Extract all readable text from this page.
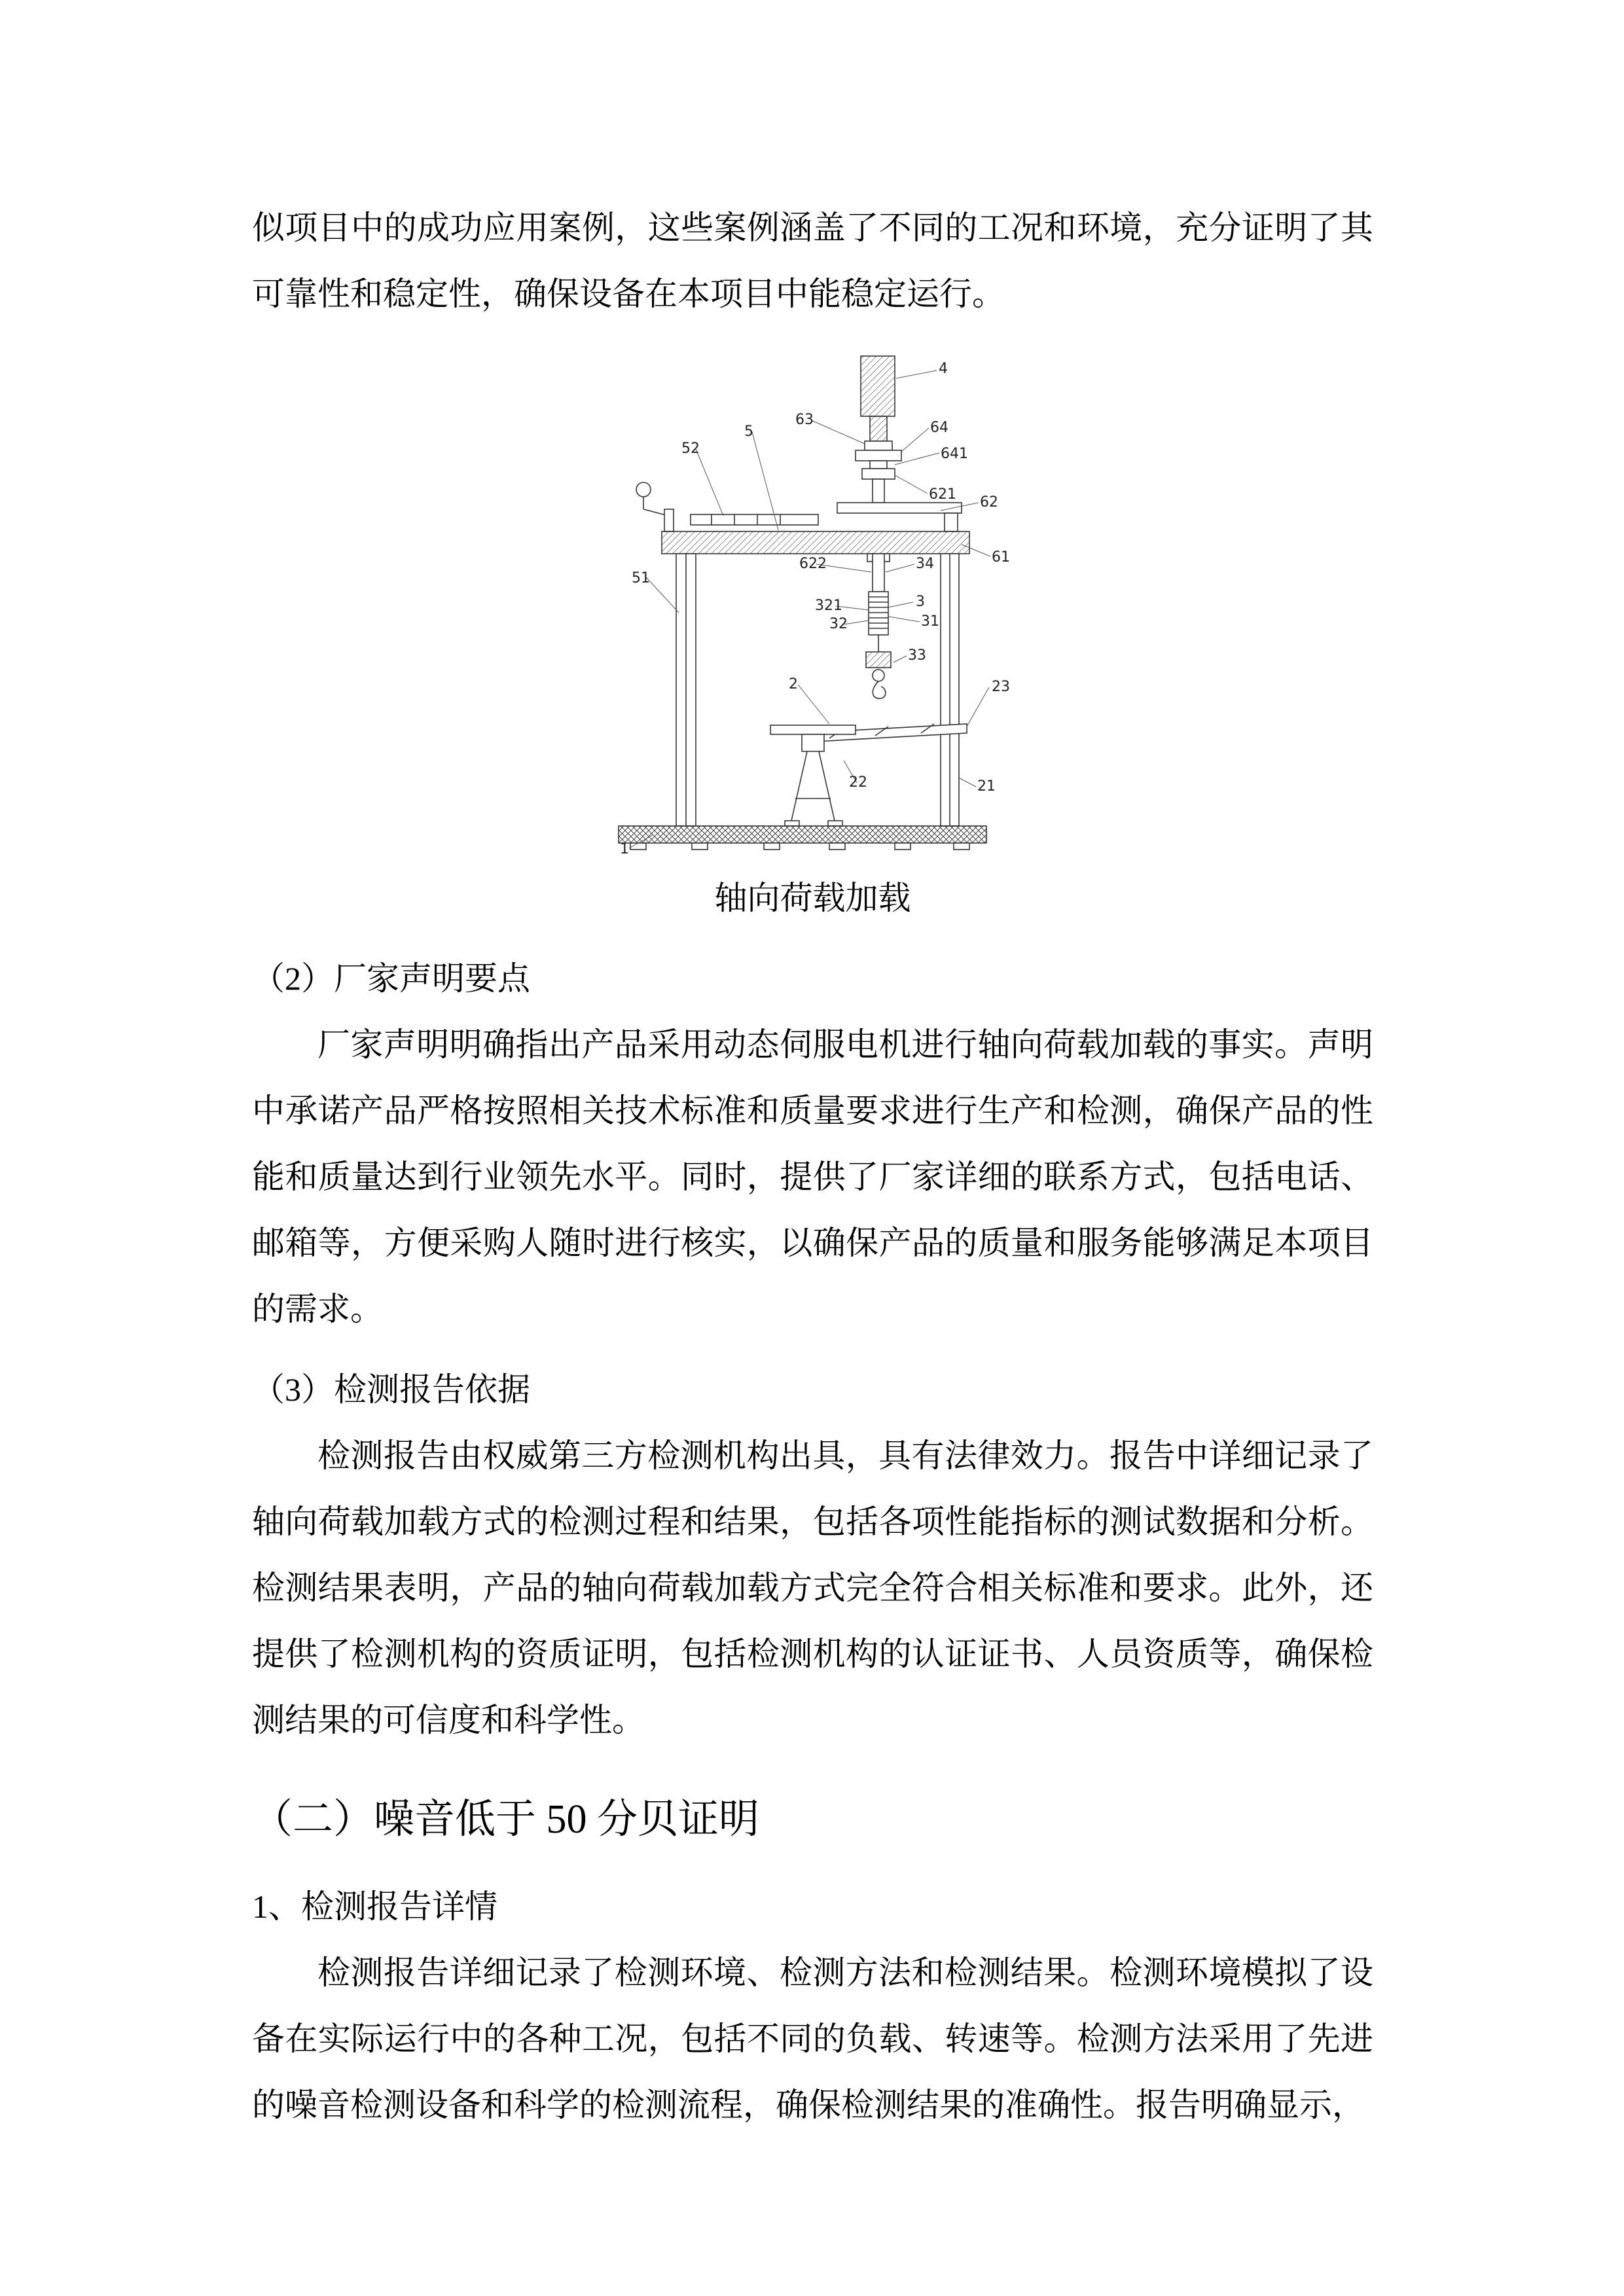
似项目中的成功应用案例，这些案例涵盖了不同的工况和环境，充分证明了其可靠性和稳定性，确保设备在本项目中能稳定运行。

4
63	64
641
621 62
52
5
51
622	34	61
321	3
31
32
33
2	23
22	21
1
轴向荷载加载

（2）厂家声明要点

厂家声明明确指出产品采用动态伺服电机进行轴向荷载加载的事实。声明中承诺产品严格按照相关技术标准和质量要求进行生产和检测，确保产品的性能和质量达到行业领先水平。同时，提供了厂家详细的联系方式，包括电话、邮箱等，方便采购人随时进行核实，以确保产品的质量和服务能够满足本项目的需求。

（3）检测报告依据

检测报告由权威第三方检测机构出具，具有法律效力。报告中详细记录了轴向荷载加载方式的检测过程和结果，包括各项性能指标的测试数据和分析。检测结果表明，产品的轴向荷载加载方式完全符合相关标准和要求。此外，还提供了检测机构的资质证明，包括检测机构的认证证书、人员资质等，确保检测结果的可信度和科学性。

（二）噪音低于 50 分贝证明

1、检测报告详情

检测报告详细记录了检测环境、检测方法和检测结果。检测环境模拟了设备在实际运行中的各种工况，包括不同的负载、转速等。检测方法采用了先进的噪音检测设备和科学的检测流程，确保检测结果的准确性。报告明确显示，
